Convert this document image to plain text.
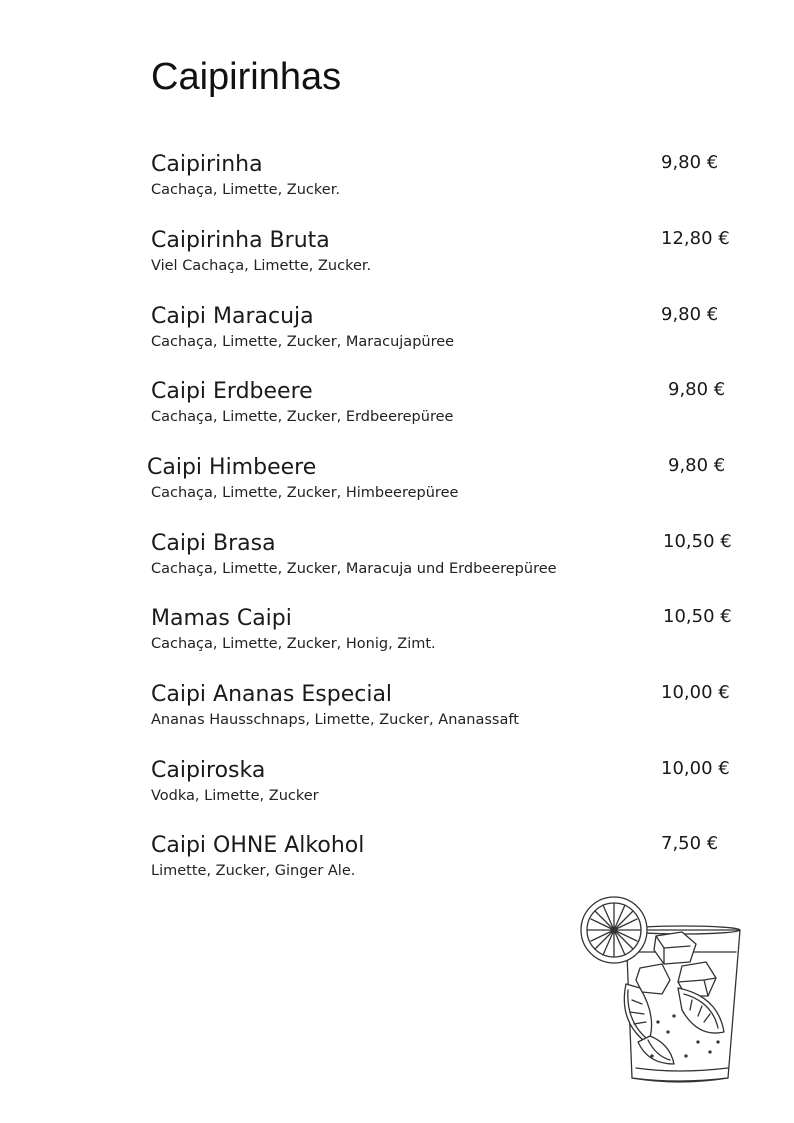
Caipirinhas
Caipirinha
Cachaça, Limette, Zucker.
9,80 €
Caipirinha Bruta
Viel Cachaça, Limette, Zucker.
12,80 €
Caipi Maracuja
Cachaça, Limette, Zucker, Maracujapüree
9,80 €
Caipi Erdbeere
Cachaça, Limette, Zucker, Erdbeerepüree
9,80 €
Caipi Himbeere
Cachaça, Limette, Zucker, Himbeerepüree
9,80 €
Caipi Brasa
Cachaça, Limette, Zucker, Maracuja und Erdbeerepüree
10,50 €
Mamas Caipi
Cachaça, Limette, Zucker, Honig, Zimt.
10,50 €
Caipi Ananas Especial
Ananas Hausschnaps, Limette, Zucker, Ananassaft
10,00 €
Caipiroska
Vodka, Limette, Zucker
10,00 €
Caipi OHNE Alkohol
Limette, Zucker, Ginger Ale.
7,50 €
